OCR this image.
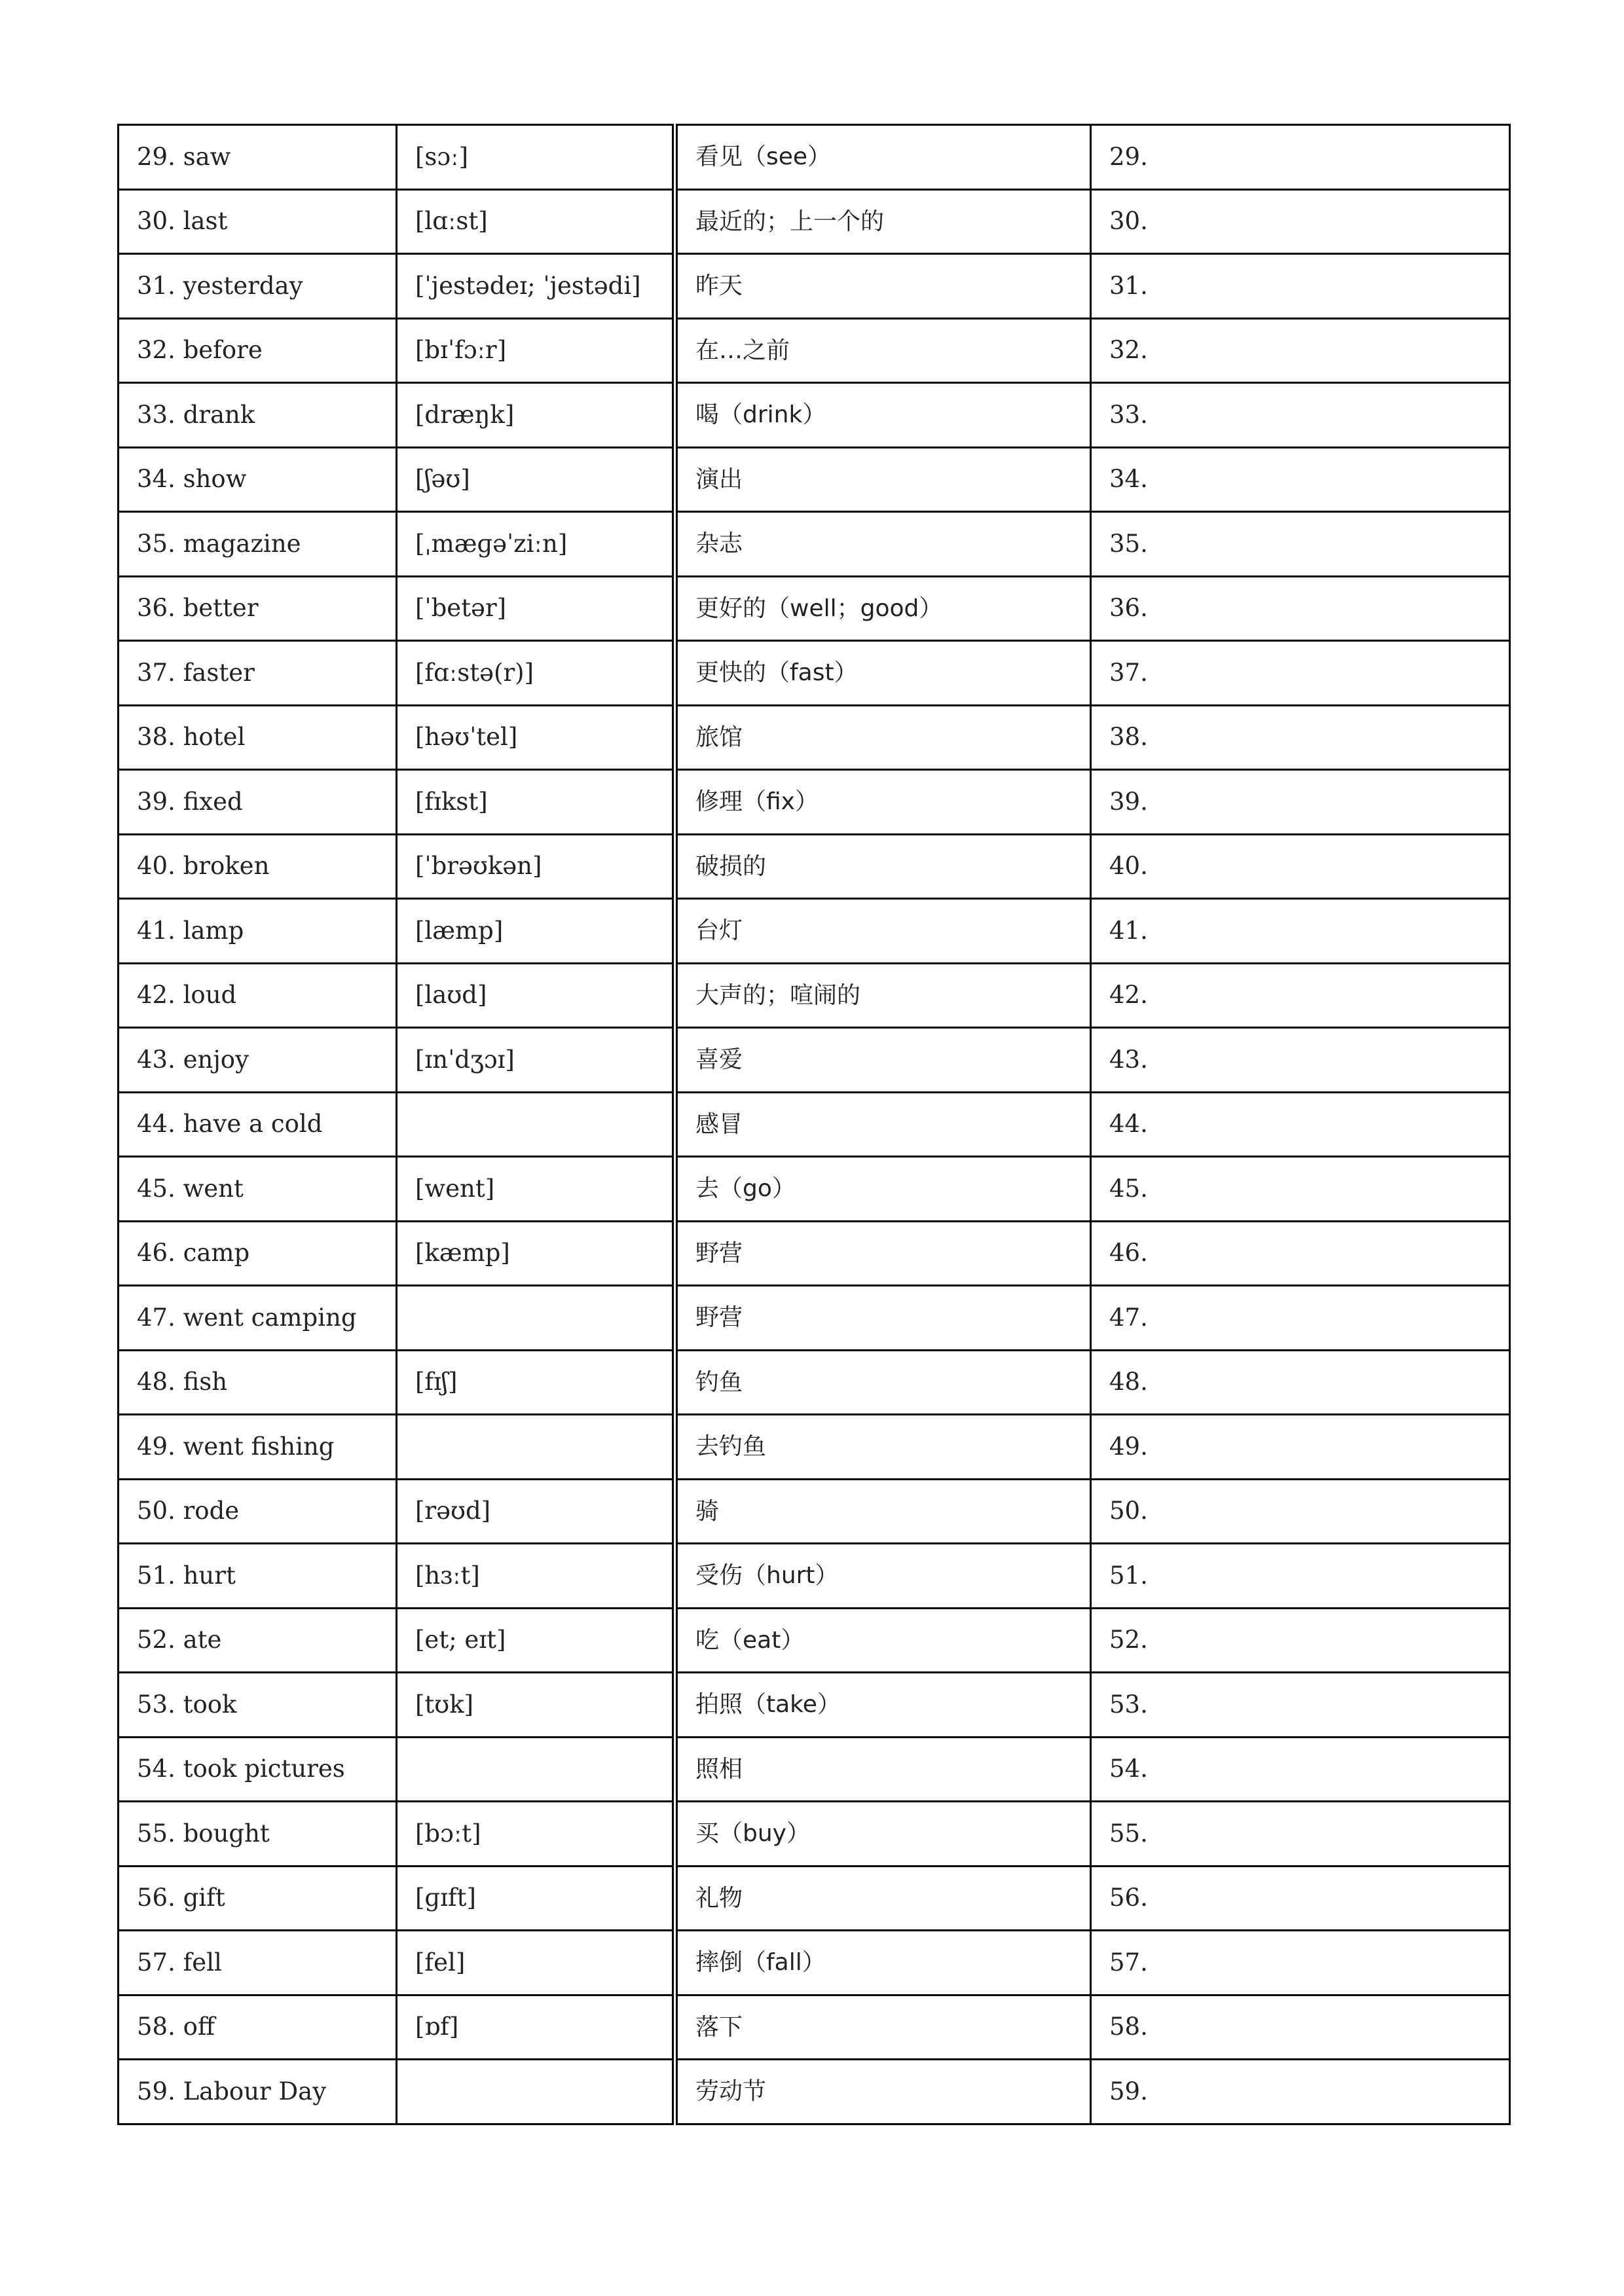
29. saw	[sɔː]	看见（see）	29.
30. last	[lɑːst]	最近的；上一个的	30.
31. yesterday	[ˈjestədeɪ; ˈjestədi]	昨天	31.
32. before	[bɪˈfɔːr]	在…之前	32.
33. drank	[dræŋk]	喝（drink）	33.
34. show	[ʃəʊ]	演出	34.
35. magazine	[ˌmæɡəˈziːn]	杂志	35.
36. better	[ˈbetər]	更好的（well；good）	36.
37. faster	[fɑːstə(r)]	更快的（fast）	37.
38. hotel	[həʊˈtel]	旅馆	38.
39. fixed	[fɪkst]	修理（fix）	39.
40. broken	[ˈbrəʊkən]	破损的	40.
41. lamp	[læmp]	台灯	41.
42. loud	[laʊd]	大声的；喧闹的	42.
43. enjoy	[ɪnˈdʒɔɪ]	喜爱	43.
44. have a cold		感冒	44.
45. went	[went]	去（go）	45.
46. camp	[kæmp]	野营	46.
47. went camping		野营	47.
48. fish	[fɪʃ]	钓鱼	48.
49. went fishing		去钓鱼	49.
50. rode	[rəʊd]	骑	50.
51. hurt	[hɜːt]	受伤（hurt）	51.
52. ate	[et; eɪt]	吃（eat）	52.
53. took	[tʊk]	拍照（take）	53.
54. took pictures		照相	54.
55. bought	[bɔːt]	买（buy）	55.
56. gift	[ɡɪft]	礼物	56.
57. fell	[fel]	摔倒（fall）	57.
58. off	[ɒf]	落下	58.
59. Labour Day		劳动节	59.
